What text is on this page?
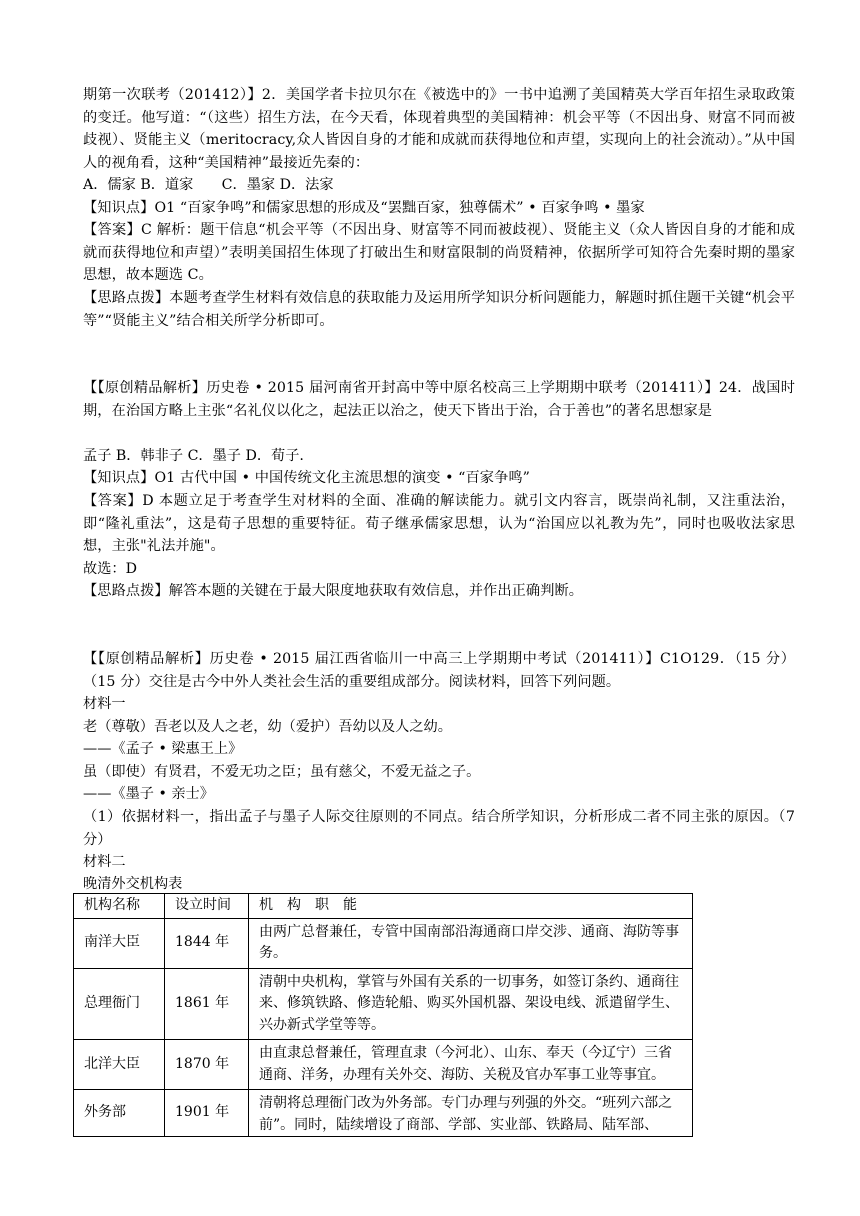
期第一次联考（201412）】2．美国学者卡拉贝尔在《被选中的》一书中追溯了美国精英大学百年招生录取政策的变迁。他写道：“（这些）招生方法，在今天看，体现着典型的美国精神：机会平等（不因出身、财富不同而被歧视）、贤能主义（meritocracy,众人皆因自身的才能和成就而获得地位和声望，实现向上的社会流动）。”从中国人的视角看，这种“美国精神”最接近先秦的：

A．儒家 B．道家　　C．墨家 D．法家

【知识点】O1 “百家争鸣”和儒家思想的形成及“罢黜百家，独尊儒术” • 百家争鸣 • 墨家

【答案】C 解析：题干信息“机会平等（不因出身、财富等不同而被歧视）、贤能主义（众人皆因自身的才能和成就而获得地位和声望）”表明美国招生体现了打破出生和财富限制的尚贤精神，依据所学可知符合先秦时期的墨家思想，故本题选 C。

【思路点拨】本题考查学生材料有效信息的获取能力及运用所学知识分析问题能力，解题时抓住题干关键“机会平等”“贤能主义”结合相关所学分析即可。

【【原创精品解析】历史卷 • 2015 届河南省开封高中等中原名校高三上学期期中联考（201411）】24．战国时期，在治国方略上主张“名礼仪以化之，起法正以治之，使天下皆出于治，合于善也”的著名思想家是

孟子 B．韩非子 C．墨子 D．荀子.

【知识点】O1 古代中国 • 中国传统文化主流思想的演变 • “百家争鸣”

【答案】D 本题立足于考查学生对材料的全面、准确的解读能力。就引文内容言，既崇尚礼制，又注重法治，即“隆礼重法”，这是荀子思想的重要特征。荀子继承儒家思想，认为“治国应以礼教为先”，同时也吸收法家思想，主张"礼法并施"。

故选：D

【思路点拨】解答本题的关键在于最大限度地获取有效信息，并作出正确判断。

【【原创精品解析】历史卷 • 2015 届江西省临川一中高三上学期期中考试（201411）】C1O129．（15 分）（15 分）交往是古今中外人类社会生活的重要组成部分。阅读材料，回答下列问题。

材料一

老（尊敬）吾老以及人之老，幼（爱护）吾幼以及人之幼。

——《孟子 • 梁惠王上》

虽（即使）有贤君，不爱无功之臣；虽有慈父，不爱无益之子。

——《墨子 • 亲士》

（1）依据材料一，指出孟子与墨子人际交往原则的不同点。结合所学知识，分析形成二者不同主张的原因。（7 分）

材料二

晚清外交机构表

机构名称	设立时间	机　构　职　能
南洋大臣	1844 年	由两广总督兼任，专管中国南部沿海通商口岸交涉、通商、海防等事务。
总理衙门	1861 年	清朝中央机构，掌管与外国有关系的一切事务，如签订条约、通商往来、修筑铁路、修造轮船、购买外国机器、架设电线、派遣留学生、兴办新式学堂等等。
北洋大臣	1870 年	由直隶总督兼任，管理直隶（今河北）、山东、奉天（今辽宁）三省通商、洋务，办理有关外交、海防、关税及官办军事工业等事宜。
外务部	1901 年	清朝将总理衙门改为外务部。专门办理与列强的外交。“班列六部之前”。同时，陆续增设了商部、学部、实业部、铁路局、陆军部、
